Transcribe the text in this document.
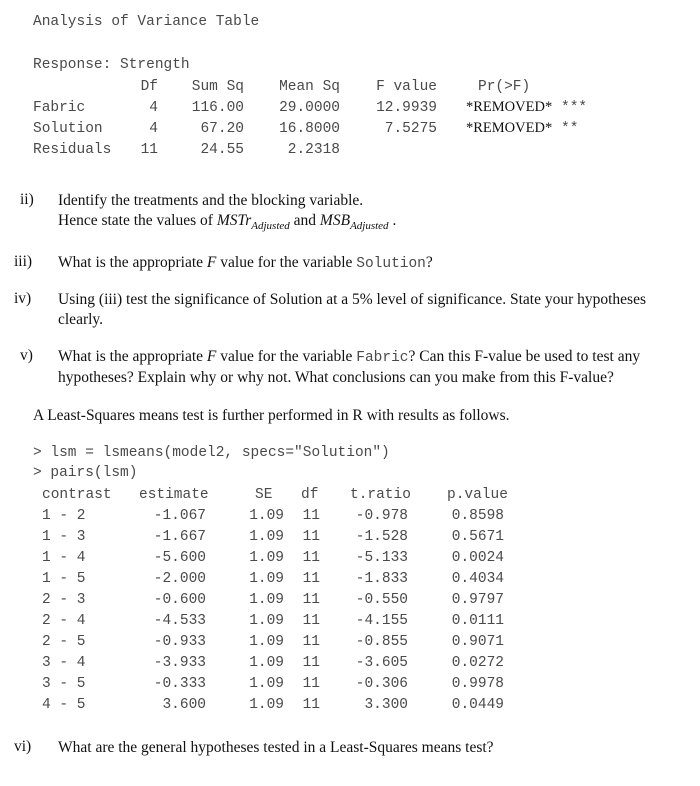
Analysis of Variance Table
Response: Strength
Df Sum Sq Mean Sq F value	Pr(>F)
Fabric	4 116.00 29.0000 12.9939 *REMOVED* ***
Solution	4	67.20 16.8000	7.5275 *REMOVED* **
Residuals 11	24.55	2.2318
ii) Identify the treatments and the blocking variable.
Hence state the values of MSTr$_{Adjusted}$ and $MSB_{Adjusted}$ .
iii) What is the appropriate F value for the variable Solution?
iv) Using (iii) test the significance of Solution at a 5% level of significance. State your hypotheses clearly.
v) What is the appropriate F value for the variable Fabric? Can this F-value be used to test any hypotheses? Explain why or why not. What conclusions can you make from this F-value?
A Least-Squares means test is further performed in R with results as follows.
> lsm = lsmeans(model2, specs="Solution")
> pairs(lsm)
contrast estimate	SE df t.ratio p.value
1 - 2	-1.067	1.09 11 -0.978	0.8598
1 - 3	-1.667	1.09 11 -1.528	0.5671
1 - 4	-5.600	1.09 11 -5.133	0.0024
1 - 5	-2.000	1.09 11 -1.833	0.4034
2 - 3	-0.600	1.09 11 -0.550	0.9797
2 - 4	-4.533	1.09 11 -4.155	0.0111
2 - 5	-0.933	1.09 11 -0.855	0.9071
3 - 4	-3.933	1.09 11 -3.605	0.0272
3 - 5	-0.333	1.09 11 -0.306	0.9978
4 - 5	3.600	1.09 11	3.300	0.0449
vi) What are the general hypotheses tested in a Least-Squares means test?
